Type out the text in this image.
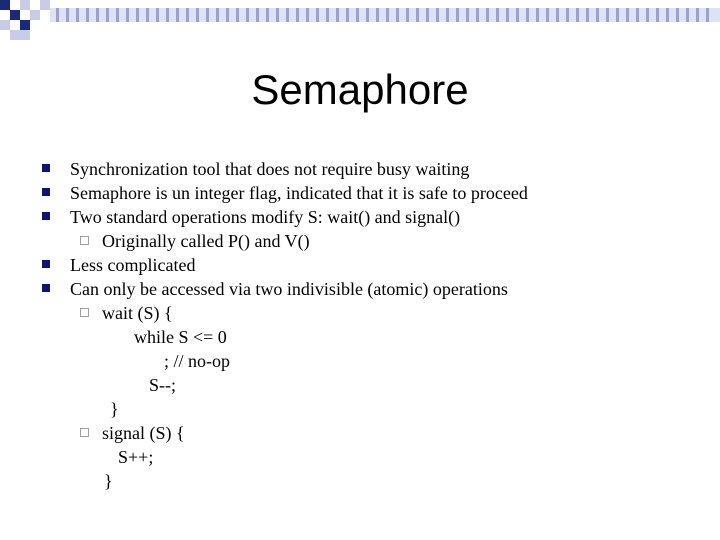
Semaphore
Synchronization tool that does not require busy waiting
Semaphore is un integer flag, indicated that it is safe to proceed
Two standard operations modify S: wait() and signal()
Originally called P() and V()
Less complicated
Can only be accessed via two indivisible (atomic) operations
wait (S) {
while S <= 0
; // no-op
S--;
}
signal (S) {
S++;
}
